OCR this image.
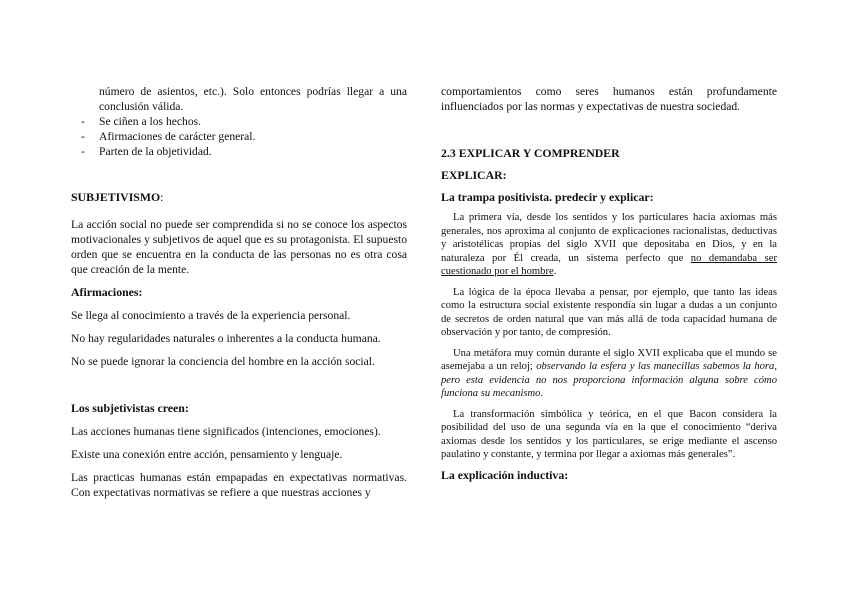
número de asientos, etc.). Solo entonces podrías llegar a una conclusión válida.

- Se ciñen a los hechos.
- Afirmaciones de carácter general.
- Parten de la objetividad.

SUBJETIVISMO:

La acción social no puede ser comprendida si no se conoce los aspectos motivacionales y subjetivos de aquel que es su protagonista. El supuesto orden que se encuentra en la conducta de las personas no es otra cosa que creación de la mente.

Afirmaciones:

Se llega al conocimiento a través de la experiencia personal.

No hay regularidades naturales o inherentes a la conducta humana.

No se puede ignorar la conciencia del hombre en la acción social.

Los subjetivistas creen:

Las acciones humanas tiene significados (intenciones, emociones).

Existe una conexión entre acción, pensamiento y lenguaje.

Las practicas humanas están empapadas en expectativas normativas. Con expectativas normativas se refiere a que nuestras acciones y

comportamientos como seres humanos están profundamente influenciados por las normas y expectativas de nuestra sociedad.

2.3 EXPLICAR Y COMPRENDER

EXPLICAR:

La trampa positivista. predecir y explicar:

La primera vía, desde los sentidos y los particulares hacia axiomas más generales, nos aproxima al conjunto de explicaciones racionalistas, deductivas y aristotélicas propias del siglo XVII que depositaba en Dios, y en la naturaleza por Él creada, un sistema perfecto que no demandaba ser cuestionado por el hombre.

La lógica de la época llevaba a pensar, por ejemplo, que tanto las ideas como la estructura social existente respondía sin lugar a dudas a un conjunto de secretos de orden natural que van más allá de toda capacidad humana de observación y por tanto, de compresión.

Una metáfora muy común durante el siglo XVII explicaba que el mundo se asemejaba a un reloj; observando la esfera y las manecillas sabemos la hora, pero esta evidencia no nos proporciona información alguna sobre cómo funciona su mecanismo.

La transformación simbólica y teórica, en el que Bacon considera la posibilidad del uso de una segunda vía en la que el conocimiento “deriva axiomas desde los sentidos y los particulares, se erige mediante el ascenso paulatino y constante, y termina por llegar a axiomas más generales”.

La explicación inductiva:
